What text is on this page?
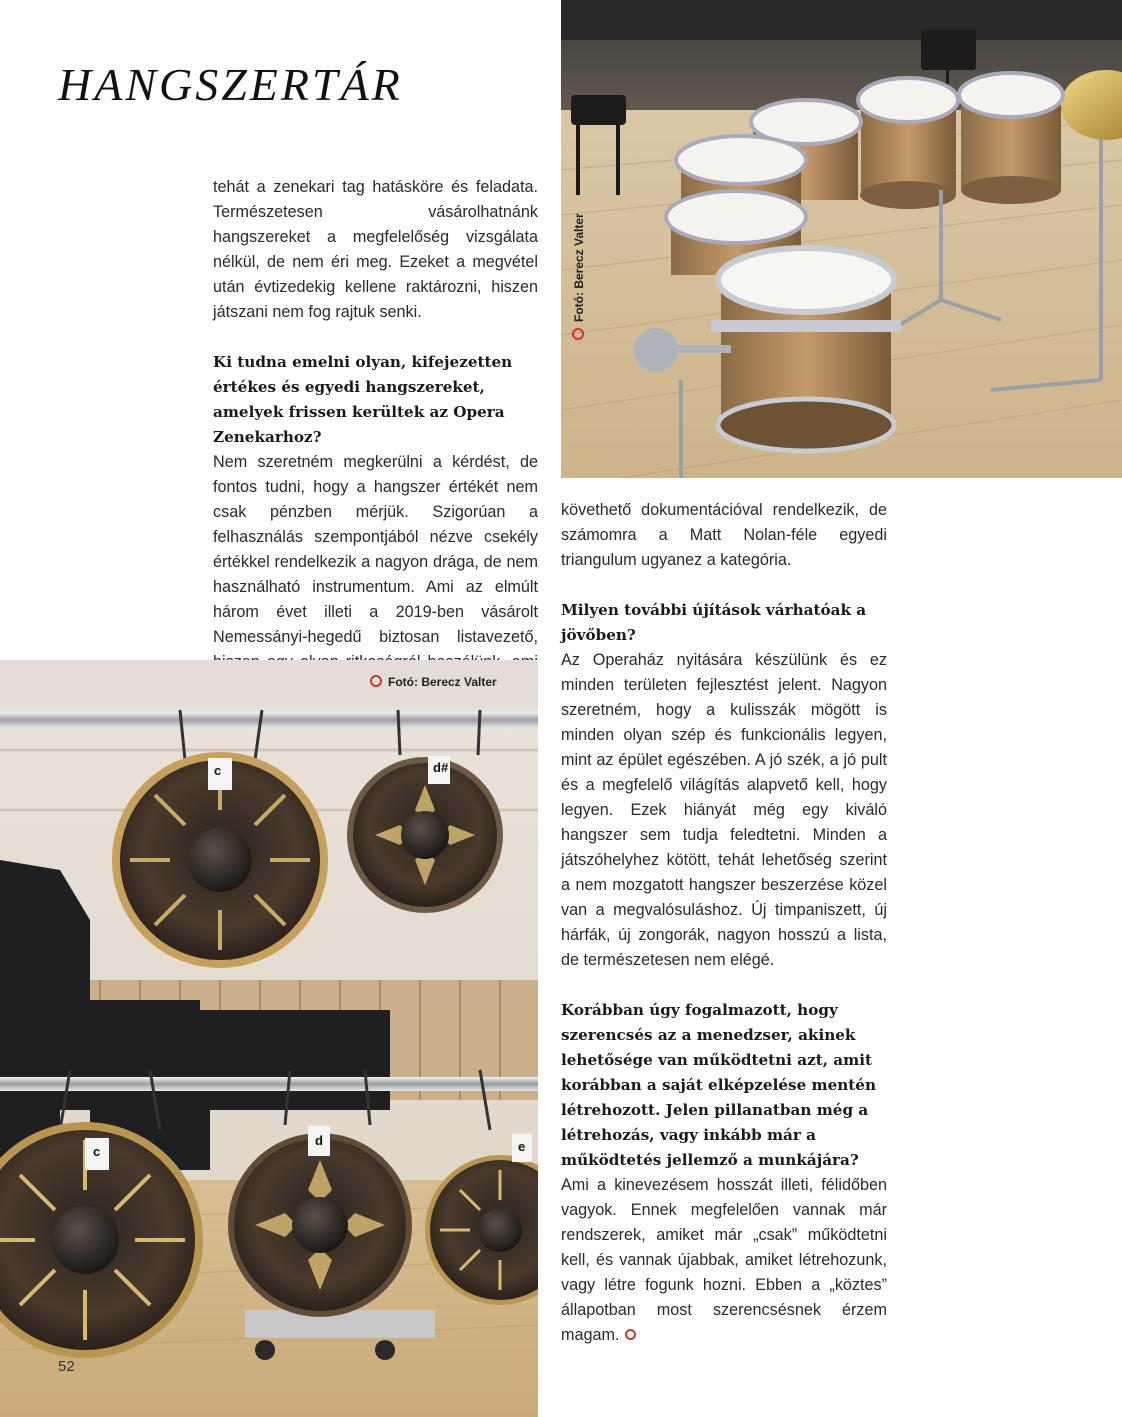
HANGSZERTÁR
Fotó: Berecz Valter

tehát a zenekari tag hatásköre és feladata. Természetesen vásárolhatnánk hangszereket a megfelelőség vizsgálata nélkül, de nem éri meg. Ezeket a megvétel után évtizedekig kellene raktározni, hiszen játszani nem fog rajtuk senki.

Ki tudna emelni olyan, kifejezetten értékes és egyedi hangszereket, amelyek frissen kerültek az Opera Zenekarhoz?

Nem szeretném megkerülni a kérdést, de fontos tudni, hogy a hangszer értékét nem csak pénzben mérjük. Szigorúan a felhasználás szempontjából nézve csekély értékkel rendelkezik a nagyon drága, de nem használható instrumentum. Ami az elmúlt három évet illeti a 2019-ben vásárolt Nemessányi-hegedű biztosan listavezető,

követhető dokumentációval rendelkezik, de számomra a Matt Nolan-féle egyedi triangulum ugyanez a kategória.

Milyen további újítások várhatóak a jövőben?

Az Operaház nyitására készülünk és ez minden területen fejlesztést jelent. Nagyon szeretném, hogy a kulisszák mögött is minden olyan szép és funkcionális legyen, mint az épület egészében. A jó szék, a jó pult és a megfelelő világítás alapvető kell, hogy legyen. Ezek hiányát még egy kiváló hangszer sem tudja feledtetni. Minden a játszóhelyhez kötött, tehát lehetőség szerint a nem mozgatott hangszer beszerzése közel van a megvalósuláshoz. Új timpaniszett, új hárfák, új zongorák, nagyon hosszú a lista, de természetesen nem elégé.

Korábban úgy fogalmazott, hogy szerencsés az a menedzser, akinek lehetősége van működtetni azt, amit korábban a saját elképzelése mentén létrehozott. Jelen pillanatban még a létrehozás, vagy inkább már a működtetés jellemző a munkájára?

Ami a kinevezésem hosszát illeti, félidőben vagyok. Ennek megfelelően vannak már rendszerek, amiket már „csak” működtetni kell, és vannak újabbak, amiket létrehozunk, vagy létre fogunk hozni. Ebben a „köztes” állapotban most szerencsésnek érzem magam.

c	d#
c
d	e
Fotó: Berecz Valter
52
